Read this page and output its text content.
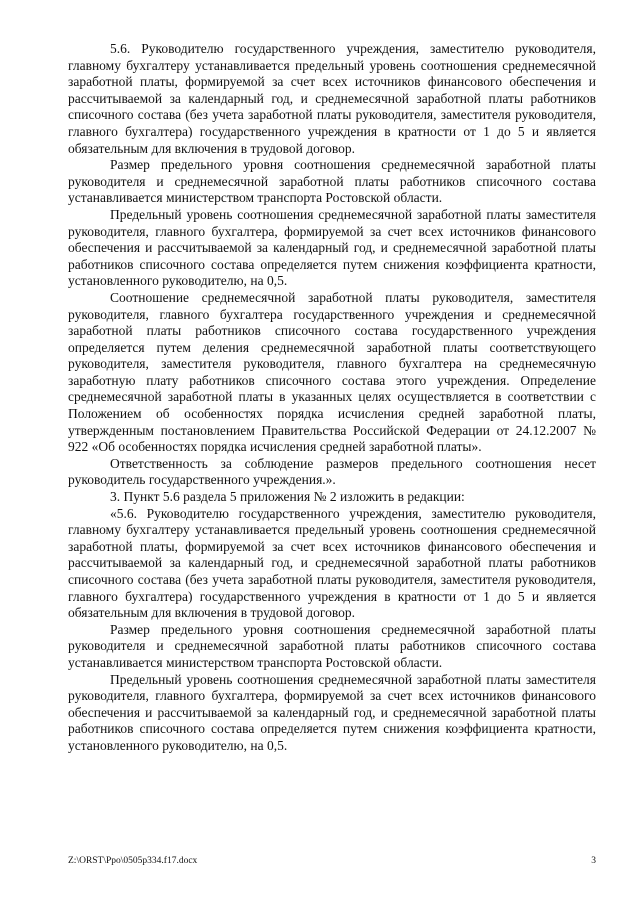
5.6. Руководителю государственного учреждения, заместителю руководителя, главному бухгалтеру устанавливается предельный уровень соотношения среднемесячной заработной платы, формируемой за счет всех источников финансового обеспечения и рассчитываемой за календарный год, и среднемесячной заработной платы работников списочного состава (без учета заработной платы руководителя, заместителя руководителя, главного бухгалтера) государственного учреждения в кратности от 1 до 5 и является обязательным для включения в трудовой договор.

Размер предельного уровня соотношения среднемесячной заработной платы руководителя и среднемесячной заработной платы работников списочного состава устанавливается министерством транспорта Ростовской области.

Предельный уровень соотношения среднемесячной заработной платы заместителя руководителя, главного бухгалтера, формируемой за счет всех источников финансового обеспечения и рассчитываемой за календарный год, и среднемесячной заработной платы работников списочного состава определяется путем снижения коэффициента кратности, установленного руководителю, на 0,5.

Соотношение среднемесячной заработной платы руководителя, заместителя руководителя, главного бухгалтера государственного учреждения и среднемесячной заработной платы работников списочного состава государственного учреждения определяется путем деления среднемесячной заработной платы соответствующего руководителя, заместителя руководителя, главного бухгалтера на среднемесячную заработную плату работников списочного состава этого учреждения. Определение среднемесячной заработной платы в указанных целях осуществляется в соответствии с Положением об особенностях порядка исчисления средней заработной платы, утвержденным постановлением Правительства Российской Федерации от 24.12.2007 № 922 «Об особенностях порядка исчисления средней заработной платы».

Ответственность за соблюдение размеров предельного соотношения несет руководитель государственного учреждения.».

3. Пункт 5.6 раздела 5 приложения № 2 изложить в редакции:

«5.6. Руководителю государственного учреждения, заместителю руководителя, главному бухгалтеру устанавливается предельный уровень соотношения среднемесячной заработной платы, формируемой за счет всех источников финансового обеспечения и рассчитываемой за календарный год, и среднемесячной заработной платы работников списочного состава (без учета заработной платы руководителя, заместителя руководителя, главного бухгалтера) государственного учреждения в кратности от 1 до 5 и является обязательным для включения в трудовой договор.

Размер предельного уровня соотношения среднемесячной заработной платы руководителя и среднемесячной заработной платы работников списочного состава устанавливается министерством транспорта Ростовской области.

Предельный уровень соотношения среднемесячной заработной платы заместителя руководителя, главного бухгалтера, формируемой за счет всех источников финансового обеспечения и рассчитываемой за календарный год, и среднемесячной заработной платы работников списочного состава определяется путем снижения коэффициента кратности, установленного руководителю, на 0,5.

Z:\ORST\Ppo\0505p334.f17.docx	3
